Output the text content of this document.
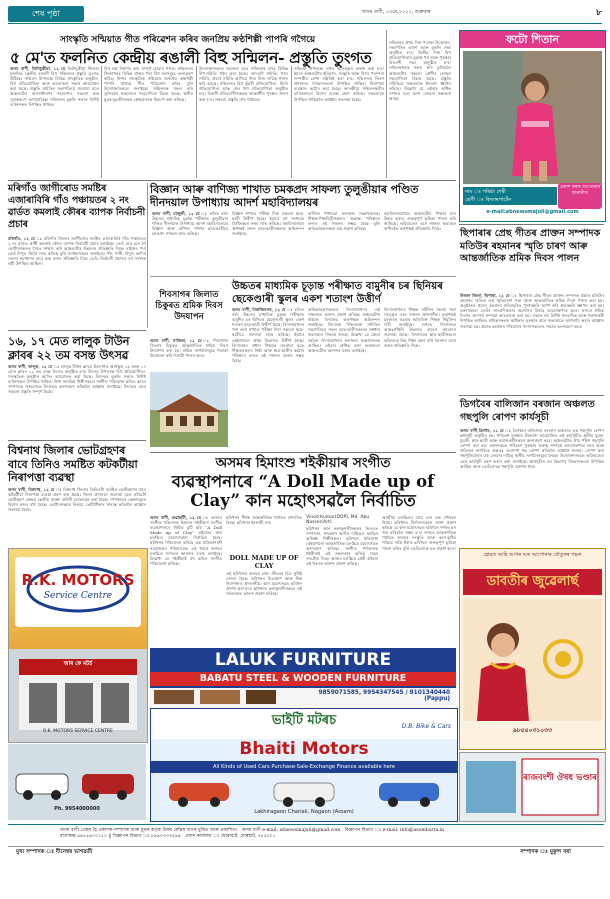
শেষ পৃষ্ঠা	অসম বাণী, ১৩মে,২০২২, শুক্ৰবাৰ	৮
সাংস্কৃতি সন্মিয়াত গীত পৰিৱেশন কৰিব জনপ্ৰিয় কণ্ঠশিল্পী পাপৰি গগৈয়ে
৫ মে'ত ফলনিত কেন্দ্ৰীয় ৰঙালী বিহু সন্মিলন- প্ৰস্তুতি তুংগত
অসম বাণী, তিনিচুকীয়া, ১২ মে তিনিচুকীয়া জিলাৰ ফলনিত কেন্দ্ৰীয় ৰঙালী বিহু সন্মিলনৰ প্ৰস্তুতি তুংগত উঠিছে। সন্মিলন উপলক্ষে বিভিন্ন সাংস্কৃতিক অনুষ্ঠান, বিহু প্ৰতিযোগিতা আৰু আলোচনা সভাৰ আয়োজন কৰা হৈছে। প্ৰস্তুতি সমিতিৰ সভাপতিয়ে জনোৱা মতে অঞ্চলটোৰ জনসাধাৰণৰ সহযোগত সকলো কাম সুচাৰুৰূপে আগবাঢ়িছে। সন্মিলনৰ মুকলি সভাত বিশিষ্ট ব্যক্তিসকল উপস্থিত থাকিব।
বিহু মঞ্চ নিৰ্মাণৰ কাম সম্পূৰ্ণ হোৱাৰ পথত। সন্মিলনত জিলাখনৰ বিভিন্ন প্ৰান্তৰ পৰা বিহু দলসমূহে অংশগ্ৰহণ কৰিব। নিশাৰ সাংস্কৃতিক সন্মিয়াত জনপ্ৰিয় কণ্ঠশিল্পী পাপৰি গগৈয়ে গীত পৰিৱেশন কৰিব বুলি উদ্যোক্তাসকলে জনাইছে। সন্মিলনক সফল কৰি তুলিবলৈ সকলোৰে সহযোগিতা বিচৰা হৈছে। স্থানীয় যুৱক-যুৱতীসকলে স্বেচ্ছাসেৱক হিচাপে কাম কৰিছে।
উদ্যোক্তাসকলে জনোৱা মতে সন্মিলনৰ বাবে বিভিন্ন উপ-সমিতি গঠন কৰা হৈছে। আদৰণি সমিতি, খাদ্য সমিতি, প্ৰচাৰ সমিতি আদিয়ে নিজ নিজ দায়িত্ব পালন কৰি আছে। সন্মিলনত বিহু কুঁৱৰী প্ৰতিযোগিতা, হুঁচৰি প্ৰতিযোগিতা আৰু জেং বিহু প্ৰতিযোগিতা অনুষ্ঠিত হ'ব। বিজয়ী প্ৰতিযোগীসকলক আকৰ্ষণীয় পুৰস্কাৰ প্ৰদান কৰা হ'ব। সকলো প্ৰস্তুতি শেষ পৰ্যায়ত।
সন্মিলন উপলক্ষে এখন স্মৃতিগ্ৰন্থও প্ৰকাশ কৰা হ'ব। ইয়াত অঞ্চলটোৰ ইতিহাস, সংস্কৃতি আৰু বিহুৰ পৰম্পৰা সম্পৰ্কীয় লেখা সন্নিবিষ্ট কৰা হ'ব। সন্মিলনত জিলা প্ৰশাসনৰ বিষয়াসকলো উপস্থিত থাকিব। নিৰাপত্তা ব্যৱস্থাও কঠোৰ কৰা হৈছে। আৰক্ষীয়ে সন্মিলনস্থলীৰ চাৰিওফালে বিশেষ ব্যৱস্থা গ্ৰহণ কৰিছে। সকলোকে উপস্থিত থাকিবলৈ আহ্বান জনোৱা হৈছে।
সন্মিলনৰ প্ৰথম দিনা পতাকা উত্তোলন, সভাপতিৰ ভাষণ আৰু মুকলি সভা অনুষ্ঠিত হ'ব। দ্বিতীয় দিনা বিহু প্ৰতিযোগিতাৰ চূড়ান্ত পৰ্ব আৰু পুৰস্কাৰ বিতৰণী সভা অনুষ্ঠিত হ'ব। সন্মিলনখনক সফল কৰি তুলিবলৈ অঞ্চলটোৰ সকলো শ্ৰেণীৰ লোকৰ সহযোগিতা বিচৰা হৈছে। প্ৰস্তুতি সমিতিয়ে সকলোকে ধন্যবাদ জ্ঞাপন কৰিছে। উল্লেখ্য যে এইবাৰ অধিক সংখ্যক দলে অংশ লোৱাৰ সম্ভাৱনা আছে।
ফটো শিতান
নাম ঃ পৰিষ্ঠা শেৰী
শ্ৰেণী ঃ কিন্ডাৰগাৰ্টেন
প্ৰকাশ কৰক আপোনাৰ মনোনীত
e-mail:abnewsmajuli@gmail.com
মৰিগাঁও জাগীৰোড সমষ্টিৰ এজাৰাবিৰি গাঁও পঞ্চায়তৰ ২ নং ৱাৰ্ডত কমলাই কৌৰৰ ব্যাপক নিৰ্বাচনী প্ৰচাৰ
মৰিগাঁও, ১২ মে ঃ মৰিগাঁও জিলাৰ জাগীৰোড সমষ্টিৰ এজাৰাবিৰি গাঁও পঞ্চায়তৰ ২ নং ৱাৰ্ডত প্ৰাৰ্থী কমলাই কৌৰে ব্যাপক নিৰ্বাচনী প্ৰচাৰ চলাইছে। তেওঁ ঘৰে ঘৰে গৈ ভোটাৰসকলৰ সৈতে সাক্ষাৎ কৰি অঞ্চলটোৰ উন্নয়নৰ প্ৰতিশ্ৰুতি দিছে। ৰাইজৰ পৰা তেওঁ বিপুল সঁহাৰি লাভ কৰিছে বুলি সমৰ্থকসকলে জনাইছে। পথ, পানী, বিদ্যুৎ আদিৰ সমস্যা সমাধানৰ বাবে কাম কৰাৰ প্ৰতিশ্ৰুতি দিয়ে তেওঁ। নিৰ্বাচনী প্ৰচাৰত বহু সংখ্যক কৰ্মী উপস্থিত আছিল।
বিজ্ঞান আৰু বাণিজ্য শাখাত চমকপ্ৰদ সাফল্য তুলুঙীয়াৰ পণ্ডিত দীনদয়াল উপাধ্যায় আদৰ্শ মহাবিদ্যালয়ৰ
অসম বাণী, মাজুলী, ১২ মে ঃ চলিত বৰ্ষৰ উচ্চতৰ মাধ্যমিক চূড়ান্ত পৰীক্ষাত তুলুঙীয়াৰ পণ্ডিত দীনদয়াল উপাধ্যায় আদৰ্শ মহাবিদ্যালয়ৰ বিজ্ঞান আৰু বাণিজ্য শাখাৰ ছাত্ৰ-ছাত্ৰীয়ে চমকপ্ৰদ সাফল্য লাভ কৰিছে।
বিজ্ঞান শাখাত পৰীক্ষা দিয়া সকলো ছাত্ৰ-ছাত্ৰী উত্তীৰ্ণ হৈছে। ইয়াৰে বহু সংখ্যকে ডিষ্টিংকচন নম্বৰ লাভ কৰিছে। মহাবিদ্যালয়ৰ অধ্যক্ষই সফল ছাত্ৰ-ছাত্ৰীসকলক অভিনন্দন জনাইছে।
বাণিজ্য শাখাতো ফলাফল সন্তোষজনক। শিক্ষক-শিক্ষয়িত্ৰীসকলৰ অক্লান্ত পৰিশ্ৰমৰ ফলত এই সাফল্য সম্ভৱ হৈছে বুলি অভিভাৱকসকলে মত প্ৰকাশ কৰিছে।
মহাবিদ্যালয়খনে অঞ্চলটোৰ শিক্ষাৰ মান উন্নত কৰাত গুৰুত্বপূৰ্ণ ভূমিকা পালন কৰি আহিছে। ভৱিষ্যতেও এনে সাফল্য অব্যাহত ৰাখিবলৈ কৰ্তৃপক্ষই প্ৰতিশ্ৰুতি দিছে।	ছিপাৰাৰ প্ৰেছ গীতৰ প্ৰাক্তন সম্পাদক মতিউৰ ৰহমানৰ স্মৃতি চাৰণ আৰু আন্তৰ্জাতিক শ্ৰমিক দিবস পালন
উজান জিলা, ছিপাৰা, ১২ মে ঃ ছিপাৰাৰ প্ৰেছ গীতৰ প্ৰাক্তন সম্পাদক প্ৰয়াত মতিউৰ ৰহমানৰ স্মৃতিত এক স্মৃতিচাৰণ সভা আৰু আন্তৰ্জাতিক শ্ৰমিক দিবস পালন কৰা হয়। অনুষ্ঠানত প্ৰয়াত ৰহমানৰ প্ৰতিচ্ছবিত পুষ্পাঞ্জলি অৰ্পণ কৰি শ্ৰদ্ধাঞ্জলি জ্ঞাপন কৰা হয়। বক্তাসকলে তেওঁৰ সাংবাদিকতাৰ অৱদানৰ বিষয়ে আলোকপাত কৰে। লগতে শ্ৰমিক দিবসৰ তাৎপৰ্য সম্পৰ্কে আলোচনা কৰা হয়। সভাত বহু বিশিষ্ট সাংবাদিক আৰু সমাজকৰ্মী উপস্থিত আছিল। শ্ৰমিকসকলৰ অধিকাৰ সুৰক্ষাৰ বাবে সকলোকে আগবাঢ়ি অহাৰ আহ্বান জনোৱা হয়। প্ৰয়াত ৰহমানৰ পৰিয়ালৰ সদস্যসকলেও সভাত অংশগ্ৰহণ কৰে।
শিবসাগৰ জিলাত চিকুৰত শ্ৰমিক দিবস উদযাপন
অসম বাণী, নাজিৰা, ১২ মে ঃ শিবসাগৰ জিলাৰ চিকুৰত আন্তৰ্জাতিক শ্ৰমিক দিবস উদযাপন কৰা হয়। শ্ৰমিক সংগঠনসমূহে পতাকা উত্তোলন কৰি দিনটো পালন কৰে।
উচ্চতৰ মাধ্যমিক চূড়ান্ত পৰীক্ষাত বামুনীৰ চৰ ছিনিয়ৰ ছেকেণ্ডাৰী স্কুলৰ একশ শতাংশ উত্তীৰ্ণ
অসম বাণী, বিৰাজিনগৰ, ১২ মে ঃ চলিত বৰ্ষৰ উচ্চতৰ মাধ্যমিক চূড়ান্ত পৰীক্ষাত বামুনীৰ চৰ ছিনিয়ৰ ছেকেণ্ডাৰী স্কুলৰ একশ শতাংশ ছাত্ৰ-ছাত্ৰী উত্তীৰ্ণ হৈছে। বিদ্যালয়খনৰ পৰা কলা শাখাত পৰীক্ষা দিয়া সকলো ছাত্ৰ-ছাত্ৰীয়ে সফলতা লাভ কৰিছে। ইয়াৰে কেইবাজনে প্ৰথম বিভাগত উত্তীৰ্ণ হৈছে। বিদ্যালয়ৰ প্ৰধান শিক্ষকে জনোৱা মতে শিক্ষকসকলৰ নিষ্ঠা আৰু ছাত্ৰ-ছাত্ৰীৰ কঠোৰ পৰিশ্ৰমৰ ফলত এই সাফল্য অৰ্জন সম্ভৱ হৈছে।
অভিভাৱকসকলেও বিদ্যালয়খনৰ এই সাফল্যত আনন্দ প্ৰকাশ কৰিছে। অঞ্চলটোৰ ৰাইজে বিদ্যালয় কৰ্তৃপক্ষক অভিনন্দন জনাইছে। বিদ্যালয় পৰিচালনা সমিতিৰ সভাপতিয়ে সফল ছাত্ৰ-ছাত্ৰীসকলক সম্বৰ্ধনা জনোৱাৰ সিদ্ধান্ত লৈছে। উল্লেখ্য যে যোৱা বৰ্ষতো বিদ্যালয়খনৰ ফলাফল সন্তোষজনক আছিল। এইবাৰ অধিক ভাল ফলাফলে অঞ্চলটোত আনন্দৰ বতাহ বলাইছে।
বিদ্যালয়খনত শিক্ষক নাটনিৰ সমস্যা থকা সত্ত্বেও এনে সাফল্য প্ৰশংসনীয়। কৰ্তৃপক্ষই চৰকাৰৰ ওচৰত অতিৰিক্ত শিক্ষক নিযুক্তিৰ দাবী জনাইছে। লগতে বিদ্যালয়ৰ আন্তঃগাঁথনি উন্নয়নৰ বাবেও আবেদন জনোৱা হৈছে। বিদ্যালয়ৰ ছাত্ৰ-ছাত্ৰীসকলে ভৱিষ্যতে উচ্চ শিক্ষা গ্ৰহণ কৰি সমাজৰ সেৱা কৰাৰ প্ৰতিশ্ৰুতি দিছে।
১৬, ১৭ মেত লালুক টাউন ক্লাবৰ ২২ তম বসন্ত উৎসৱ
অসম বাণী, লালুক, ১২ মে ঃ লালুক টাউন ক্লাবৰ উদ্যোগত আগন্তুক ১৬ আৰু ১৭ মে'ত ক্লাবৰ ২২ তম বসন্ত উৎসৱ অনুষ্ঠিত হ'ব। উৎসৱ উপলক্ষে বিহু প্ৰতিযোগিতা, সাংস্কৃতিক অনুষ্ঠান আদিৰ আয়োজন কৰা হৈছে। উৎসৱৰ মুকলি সভাত বিশিষ্ট ব্যক্তিসকল উপস্থিত থাকিব। নিশা জনপ্ৰিয় শিল্পীসকলে সংগীত পৰিৱেশন কৰিব। ক্লাবৰ সম্পাদকে সকলোকে উৎসৱত অংশগ্ৰহণ কৰিবলৈ আহ্বান জনাইছে। উৎসৱৰ বাবে সকলো প্ৰস্তুতি সম্পূৰ্ণ হৈছে।
বিশ্বনাথ জিলাৰ ভোটগ্ৰহণৰ বাবে তিনিও সমষ্টিত কটকটীয়া নিৰাপত্তা ব্যৱস্থা
অসম বাণী, বিশ্বনাথ, ১২ মে ঃ বিশ্বনাথ জিলাৰ তিনিওটা সমষ্টিত ভোটগ্ৰহণৰ বাবে কটকটীয়া নিৰাপত্তা ব্যৱস্থা গ্ৰহণ কৰা হৈছে। জিলা প্ৰশাসনে জনোৱা মতে প্ৰতিটো ভোটগ্ৰহণ কেন্দ্ৰত কেন্দ্ৰীয় সুৰক্ষা বাহিনী মোতায়েন কৰা হৈছে। স্পৰ্শকাতৰ কেন্দ্ৰসমূহত বিশেষ নজৰ ৰখা হৈছে। ভোটাৰসকলে নিৰ্ভয়ে ভোটাধিকাৰ সাব্যস্ত কৰিবলৈ আহ্বান জনোৱা হৈছে।
ডিগবৈৰ বালিজান বৰজান অঞ্চলত গছপুলি ৰোপণ কাৰ্যসূচী
অসম বাণী,ডিগবৈ, ১২ মে ঃ ডিগবৈৰ বালিজান বৰজান অঞ্চলত এক গছপুলি ৰোপণ কাৰ্যসূচী অনুষ্ঠিত হয়। পৰিৱেশ সুৰক্ষাৰ উদ্দেশ্যে আয়োজিত এই কাৰ্যসূচীত স্থানীয় যুৱক-যুৱতী, ছাত্ৰ-ছাত্ৰী আৰু সমাজকৰ্মীসকলে অংশগ্ৰহণ কৰে। অঞ্চলটোত প্ৰায় পাঁচশ গছপুলি ৰোপণ কৰা হয়। বক্তাসকলে পৰিৱেশ সুৰক্ষাৰ গুৰুত্ব সম্পৰ্কে আলোকপাত কৰে আৰু প্ৰতিজন নাগৰিকে অন্ততঃ এজোপা গছ ৰোপণ কৰিবলৈ আহ্বান জনায়। ৰোপণ কৰা গছপুলিবোৰৰ যত্ন লোৱাৰ দায়িত্ব স্থানীয় সংগঠনসমূহে লৈছে। উদ্যোক্তাসকলে ভৱিষ্যতেও এনে কাৰ্যসূচী গ্ৰহণ কৰাৰ কথা জনাইছে। কাৰ্যসূচীত বন বিভাগৰ বিষয়াসকলো উপস্থিত আছিল আৰু তেওঁলোকে গছপুলি যোগান ধৰে।
অসমৰ হিমাংশু শইকীয়াৰ সংগীত
ব্যৱস্থাপনাৰে “A Doll Made up of
Clay” কান মহোৎসৱলৈ নিৰ্বাচিত
অসম বাণী, গুৱাহাটী, ১২ মে ঃ অসমৰ সংগীত পৰিচালক হিমাংশু শইকীয়াৰ সংগীত ব্যৱস্থাপনাৰে নিৰ্মিত চুটি ছবি “A Doll Made up of Clay” এইবাৰৰ কান চলচ্চিত্ৰ মহোৎসৱলৈ নিৰ্বাচিত হৈছে। ছবিখনৰ পৰিচালনা কৰিছে এক প্ৰতিভাশালী নৱপ্ৰজন্মৰ পৰিচালকে। এই খবৰে অসমৰ চলচ্চিত্ৰ জগতত আনন্দৰ বতাহ বলাইছে। উল্লেখ্য যে শইকীয়াই বহু ছবিত সংগীত পৰিচালনা কৰিছে।
ছবিখনৰ শীৰ্ষক আন্তৰ্জাতিক পৰ্যায়ত প্ৰশংসিত হৈছে। ছবিখনৰ ইংৰাজী নাম
DOLL MADE UP OF CLAY
এই ছবিখনত অসমৰ গ্ৰাম্য জীৱনৰ চিত্ৰ ফুটাই তোলা হৈছে। ছবিখনৰ চিত্ৰগ্ৰহণ আৰু শিল্প নিৰ্দেশনাও প্ৰশংসনীয়। কান মহোৎসৱত ছবিখন প্ৰদৰ্শন কৰা হ'ব। ছবিখনৰ কলাকুশলীসকলে এই সফলতাত আনন্দ প্ৰকাশ কৰিছে।
Vinod Kumar(DOP), Md. Abu Nasser(Art)
ছবিখনৰ আন কলাকুশলীসকলৰ ভিতৰত সম্পাদনা, শব্দগ্ৰহণ আদিৰ দায়িত্বত আছিল অভিজ্ঞ শিল্পীসকল। ছবিখনে ইতিমধ্যে কেইবাখনো আন্তৰ্জাতিক চলচ্চিত্ৰ মহোৎসৱত অংশগ্ৰহণ কৰিছে। সংগীত পৰিচালক শইকীয়াই এই সফলতাৰ কৃতিত্ব সমগ্ৰ দলটোক দিছে। অসমৰ চলচ্চিত্ৰ প্ৰেমী ৰাইজে এই খবৰত আনন্দ প্ৰকাশ কৰিছে।
অসমীয়া চলচ্চিত্ৰৰ বাবে এয়া এক গৌৰৱৰ বিষয়। ছবিখনৰ নিৰ্মাতাসকলে আশা প্ৰকাশ কৰিছে যে কান মহোৎসৱত ছবিখনে দৰ্শকৰ মন জয় কৰিবলৈ সক্ষম হ'ব। লগতে আন্তৰ্জাতিক পৰ্যায়ত অসমৰ সংস্কৃতি আৰু কলা-কৃষ্টিৰ পৰিচয় দাঙি ধৰাত ছবিখনে গুৰুত্বপূৰ্ণ ভূমিকা পালন কৰিব বুলি তেওঁলোকে মত প্ৰকাশ কৰে।
R.K. MOTORS
Service Centre
আৰ কে মটৰ্চ
R.K. MOTORS SERVICE CENTRE
LALUK FURNITURE
BABATU STEEL & WOODEN FURNITURE
9859071585, 9954347545 / 9101340440 (Pappu)
ভাইটি মটৰচ
Bhaiti Motors
All Kinds of Used Cars Purchase-Sale-Exchange Finance available here
Lakhiragaon Chariali, Nagaon (Assam)
D.B. Bike & Cars
হোমত আহি আগৰ দৰে আপোনাৰ যৌতুকৰ গহনা
ডাবতীৰ জুৱেলাৰ্ছ
৯৮৫৪০৩১০৩৩
ৰাজবংশী ঔষধ ভণ্ডাৰ
Ph. 9954000000
অসম বাণী প্ৰেছৰ হৈ প্ৰকাশক-সম্পাদক আৰু মুদ্ৰক কৰ্তৃক উত্তৰ কোঁৱৰ বাগত্ত মুদ্ৰিত আৰু প্ৰকাশিত। অসম বাণী e-mail: abnewsmajuli@gmail.com বিজ্ঞাপন বিভাগ ঃ e-mail: info@asombarta.in
বাৰ্তাকক্ষ ৯৯৫৪৯০০১২০ || বিজ্ঞাপন বিভাগ ঃ ৮৯৯০৩৩৩৫৯৯ প্ৰধান কাৰ্যালয় ঃ ছোৱাবাট, যোৰহাট, ৭৮৫০০১
মুখ্য সম্পাদক ঃ দীনেশ্বৰ ভাগৱতী	সম্পাদক ঃ মুকুন্দ বৰা
